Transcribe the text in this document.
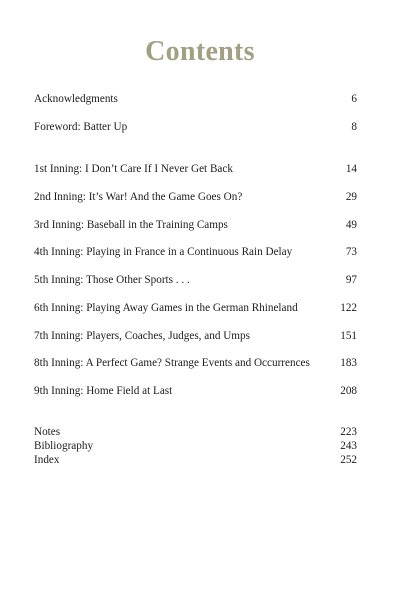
Contents
Acknowledgments	6
Foreword: Batter Up	8
1st Inning: I Don’t Care If I Never Get Back	14
2nd Inning: It’s War! And the Game Goes On?	29
3rd Inning: Baseball in the Training Camps	49
4th Inning: Playing in France in a Continuous Rain Delay	73
5th Inning: Those Other Sports . . .	97
6th Inning: Playing Away Games in the German Rhineland	122
7th Inning: Players, Coaches, Judges, and Umps	151
8th Inning: A Perfect Game? Strange Events and Occurrences	183
9th Inning: Home Field at Last	208
Notes	223
Bibliography	243
Index	252
